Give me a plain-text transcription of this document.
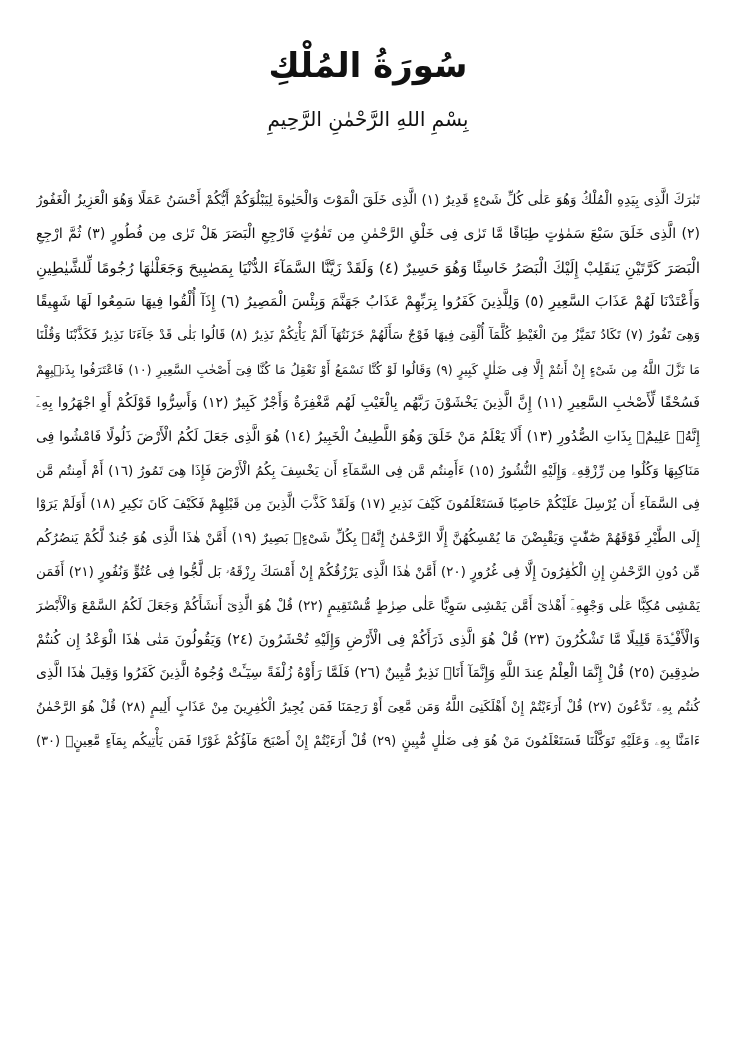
سُورَةُ المُلْكِ
بِسْمِ اللهِ الرَّحْمٰنِ الرَّحِيمِ
تَبٰرَكَ الَّذِى بِيَدِهِ الْمُلْكُ وَهُوَ عَلٰى كُلِّ شَىْءٍ قَدِيرٌ (١) الَّذِى خَلَقَ الْمَوْتَ وَالْحَيٰوةَ لِيَبْلُوَكُمْ أَيُّكُمْ أَحْسَنُ عَمَلًا وَهُوَ الْعَزِيزُ الْغَفُورُ
(٢) الَّذِى خَلَقَ سَبْعَ سَمٰوٰتٍ طِبَاقًا مَّا تَرٰى فِى خَلْقِ الرَّحْمٰنِ مِن تَفٰوُتٍ فَارْجِعِ الْبَصَرَ هَلْ تَرٰى مِن فُطُورٍ (٣) ثُمَّ ارْجِعِ
الْبَصَرَ كَرَّتَيْنِ يَنقَلِبْ إِلَيْكَ الْبَصَرُ خَاسِئًا وَهُوَ حَسِيرٌ (٤) وَلَقَدْ زَيَّنَّا السَّمَآءَ الدُّنْيَا بِمَصٰبِيحَ وَجَعَلْنٰهَا رُجُومًا لِّلشَّيٰطِينِ
وَأَعْتَدْنَا لَهُمْ عَذَابَ السَّعِيرِ (٥) وَلِلَّذِينَ كَفَرُوا بِرَبِّهِمْ عَذَابُ جَهَنَّمَ وَبِئْسَ الْمَصِيرُ (٦) إِذَآ أُلْقُوا فِيهَا سَمِعُوا لَهَا شَهِيقًا
وَهِىَ تَفُورُ (٧) تَكَادُ تَمَيَّزُ مِنَ الْغَيْظِ كُلَّمَآ أُلْقِىَ فِيهَا فَوْجٌ سَأَلَهُمْ خَزَنَتُهَآ أَلَمْ يَأْتِكُمْ نَذِيرٌ (٨) قَالُوا بَلٰى قَدْ جَآءَنَا نَذِيرٌ فَكَذَّبْنَا وَقُلْنَا
مَا نَزَّلَ اللَّهُ مِن شَىْءٍ إِنْ أَنتُمْ إِلَّا فِى ضَلٰلٍ كَبِيرٍ (٩) وَقَالُوا لَوْ كُنَّا نَسْمَعُ أَوْ نَعْقِلُ مَا كُنَّا فِىٓ أَصْحٰبِ السَّعِيرِ (١٠) فَاعْتَرَفُوا بِذَنۢبِهِمْ
فَسُحْقًا لِّأَصْحٰبِ السَّعِيرِ (١١) إِنَّ الَّذِينَ يَخْشَوْنَ رَبَّهُم بِالْغَيْبِ لَهُم مَّغْفِرَةٌ وَأَجْرٌ كَبِيرٌ (١٢) وَأَسِرُّوا قَوْلَكُمْ أَوِ اجْهَرُوا بِهِۦٓ
إِنَّهُۥ عَلِيمٌۢ بِذَاتِ الصُّدُورِ (١٣) أَلَا يَعْلَمُ مَنْ خَلَقَ وَهُوَ اللَّطِيفُ الْخَبِيرُ (١٤) هُوَ الَّذِى جَعَلَ لَكُمُ الْأَرْضَ ذَلُولًا فَامْشُوا فِى
مَنَاكِبِهَا وَكُلُوا مِن رِّزْقِهِۦ وَإِلَيْهِ النُّشُورُ (١٥) ءَأَمِنتُم مَّن فِى السَّمَآءِ أَن يَخْسِفَ بِكُمُ الْأَرْضَ فَإِذَا هِىَ تَمُورُ (١٦) أَمْ أَمِنتُم مَّن
فِى السَّمَآءِ أَن يُرْسِلَ عَلَيْكُمْ حَاصِبًا فَسَتَعْلَمُونَ كَيْفَ نَذِيرِ (١٧) وَلَقَدْ كَذَّبَ الَّذِينَ مِن قَبْلِهِمْ فَكَيْفَ كَانَ نَكِيرِ (١٨) أَوَلَمْ يَرَوْا
إِلَى الطَّيْرِ فَوْقَهُمْ صٰٓفّٰتٍ وَيَقْبِضْنَ مَا يُمْسِكُهُنَّ إِلَّا الرَّحْمٰنُ إِنَّهُۥ بِكُلِّ شَىْءٍۢ بَصِيرٌ (١٩) أَمَّنْ هٰذَا الَّذِى هُوَ جُندٌ لَّكُمْ يَنصُرُكُم
مِّن دُونِ الرَّحْمٰنِ إِنِ الْكٰفِرُونَ إِلَّا فِى غُرُورٍ (٢٠) أَمَّنْ هٰذَا الَّذِى يَرْزُقُكُمْ إِنْ أَمْسَكَ رِزْقَهُۥ بَل لَّجُّوا فِى عُتُوٍّ وَنُفُورٍ (٢١) أَفَمَن
يَمْشِى مُكِبًّا عَلٰى وَجْهِهِۦٓ أَهْدٰىٓ أَمَّن يَمْشِى سَوِيًّا عَلٰى صِرٰطٍ مُّسْتَقِيمٍ (٢٢) قُلْ هُوَ الَّذِىٓ أَنشَأَكُمْ وَجَعَلَ لَكُمُ السَّمْعَ وَالْأَبْصٰرَ
وَالْأَفْـِٔدَةَ قَلِيلًا مَّا تَشْكُرُونَ (٢٣) قُلْ هُوَ الَّذِى ذَرَأَكُمْ فِى الْأَرْضِ وَإِلَيْهِ تُحْشَرُونَ (٢٤) وَيَقُولُونَ مَتٰى هٰذَا الْوَعْدُ إِن كُنتُمْ
صٰدِقِينَ (٢٥) قُلْ إِنَّمَا الْعِلْمُ عِندَ اللَّهِ وَإِنَّمَآ أَنَا۠ نَذِيرٌ مُّبِينٌ (٢٦) فَلَمَّا رَأَوْهُ زُلْفَةً سِيٓـَٔتْ وُجُوهُ الَّذِينَ كَفَرُوا وَقِيلَ هٰذَا الَّذِى
كُنتُم بِهِۦ تَدَّعُونَ (٢٧) قُلْ أَرَءَيْتُمْ إِنْ أَهْلَكَنِىَ اللَّهُ وَمَن مَّعِىَ أَوْ رَحِمَنَا فَمَن يُجِيرُ الْكٰفِرِينَ مِنْ عَذَابٍ أَلِيمٍ (٢٨) قُلْ هُوَ الرَّحْمٰنُ
ءَامَنَّا بِهِۦ وَعَلَيْهِ تَوَكَّلْنَا فَسَتَعْلَمُونَ مَنْ هُوَ فِى ضَلٰلٍ مُّبِينٍ (٢٩) قُلْ أَرَءَيْتُمْ إِنْ أَصْبَحَ مَآؤُكُمْ غَوْرًا فَمَن يَأْتِيكُم بِمَآءٍ مَّعِينٍۭ (٣٠)
